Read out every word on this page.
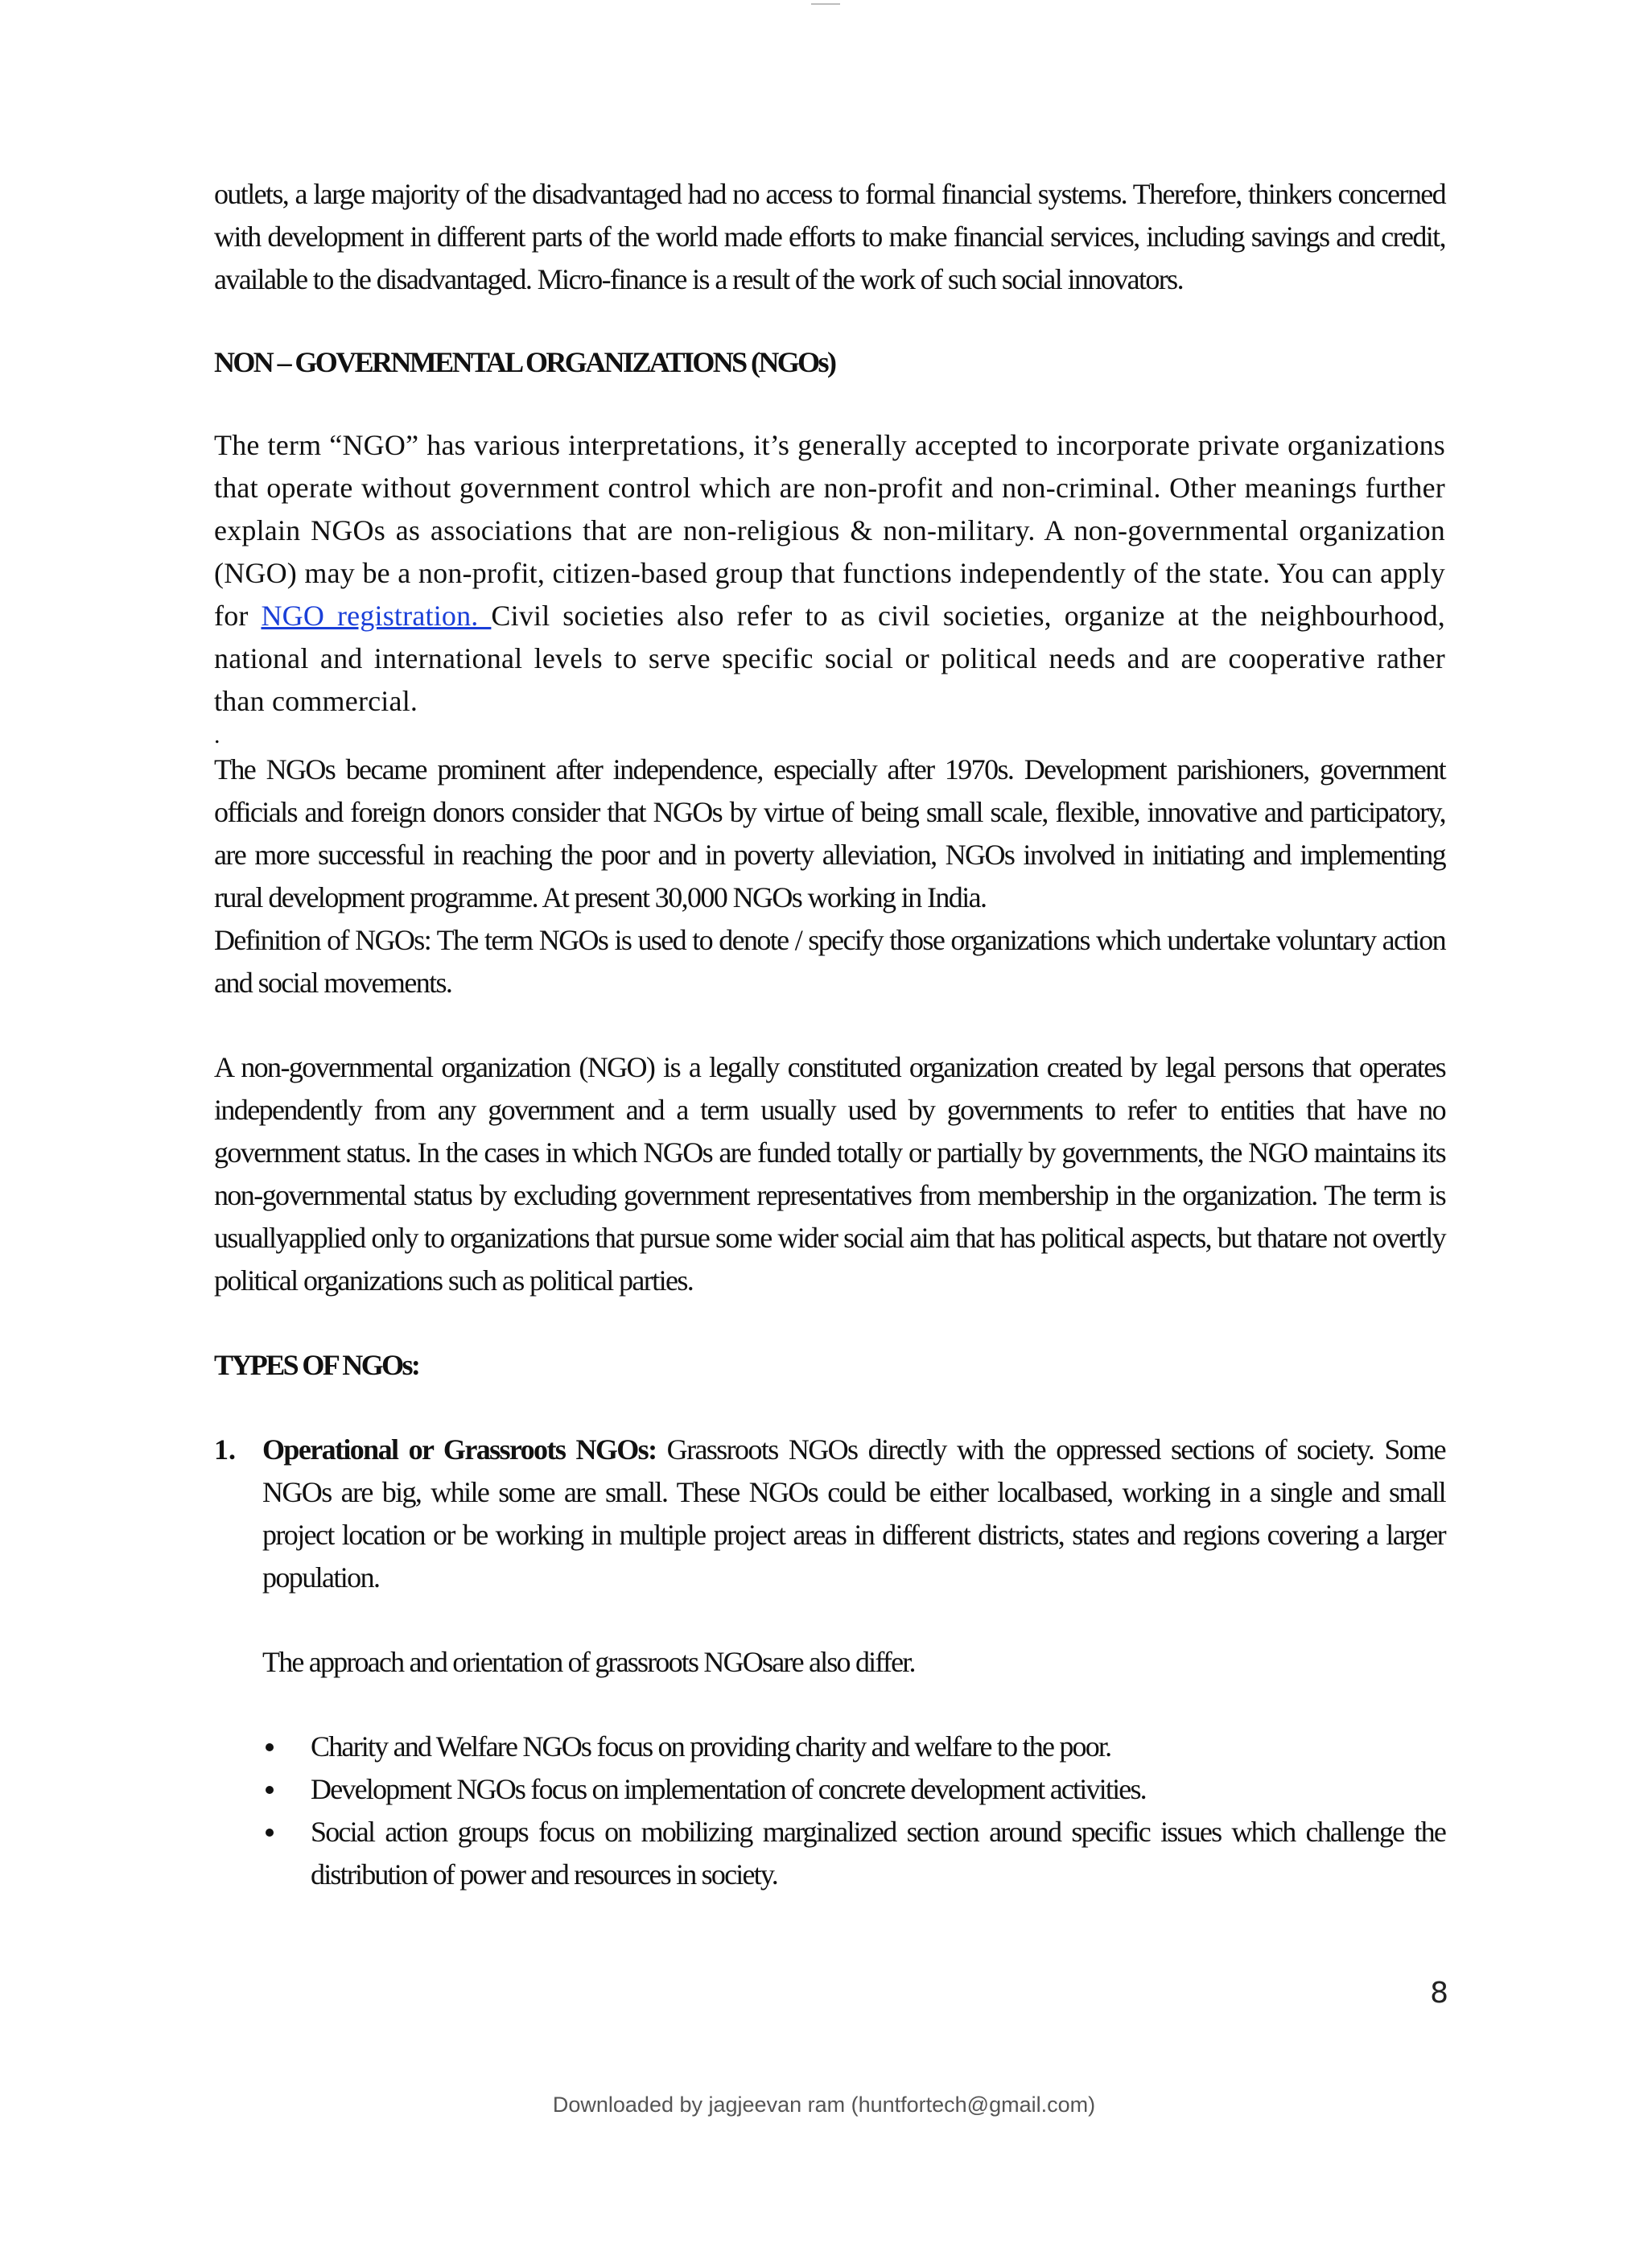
outlets, a large majority of the disadvantaged had no access to formal financial systems. Therefore, thinkers concerned with development in different parts of the world made efforts to make financial services, including savings and credit, available to the disadvantaged. Micro-finance is a result of the work of such social innovators.

NON – GOVERNMENTAL ORGANIZATIONS (NGOs)

The term “NGO” has various interpretations, it’s generally accepted to incorporate private organizations that operate without government control which are non-profit and non-criminal. Other meanings further explain NGOs as associations that are non-religious & non-military. A non-governmental organization (NGO) may be a non-profit, citizen-based group that functions independently of the state. You can apply for NGO registration. Civil societies also refer to as civil societies, organize at the neighbourhood, national and international levels to serve specific social or political needs and are cooperative rather than commercial.

.

The NGOs became prominent after independence, especially after 1970s. Development parishioners, government officials and foreign donors consider that NGOs by virtue of being small scale, flexible, innovative and participatory, are more successful in reaching the poor and in poverty alleviation, NGOs involved in initiating and implementing rural development programme. At present 30,000 NGOs working in India.

Definition of NGOs: The term NGOs is used to denote / specify those organizations which undertake voluntary action and social movements.

A non-governmental organization (NGO) is a legally constituted organization created by legal persons that operates independently from any government and a term usually used by governments to refer to entities that have no government status. In the cases in which NGOs are funded totally or partially by governments, the NGO maintains its non-governmental status by excluding government representatives from membership in the organization. The term is usuallyapplied only to organizations that pursue some wider social aim that has political aspects, but thatare not overtly political organizations such as political parties.

TYPES OF NGOs:

1. Operational or Grassroots NGOs: Grassroots NGOs directly with the oppressed sections of society. Some NGOs are big, while some are small. These NGOs could be either localbased, working in a single and small project location or be working in multiple project areas in different districts, states and regions covering a larger population.

The approach and orientation of grassroots NGOsare also differ.

Charity and Welfare NGOs focus on providing charity and welfare to the poor.
Development NGOs focus on implementation of concrete development activities.
Social action groups focus on mobilizing marginalized section around specific issues which challenge the distribution of power and resources in society.
8
Downloaded by jagjeevan ram (huntfortech@gmail.com)
